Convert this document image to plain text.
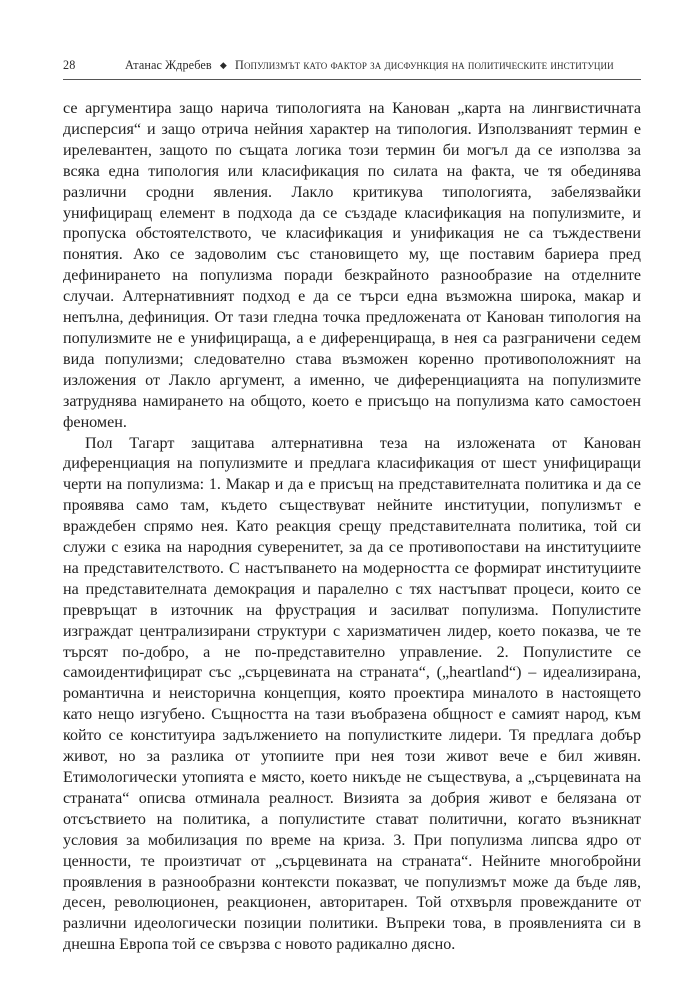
28	Атанас Ждребев ◆ Популизмът като фактор за дисфункция на политическите институции

се аргументира защо нарича типологията на Канован „карта на лингвистичната дисперсия“ и защо отрича нейния характер на типология. Използваният термин е ирелевантен, защото по същата логика този термин би могъл да се използва за всяка една типология или класификация по силата на факта, че тя обединява различни сродни явления. Лакло критикува типологията, забелязвайки унифициращ елемент в подхода да се създаде класификация на популизмите, и пропуска обстоятелството, че класификация и унификация не са тъждествени понятия. Ако се задоволим със становището му, ще поставим бариера пред дефинирането на популизма поради безкрайното разнообразие на отделните случаи. Алтернативният подход е да се търси една възможна широка, макар и непълна, дефиниция. От тази гледна точка предложената от Канован типология на популизмите не е унифицираща, а е диференцираща, в нея са разграничени седем вида популизми; следователно става възможен коренно противоположният на изложения от Лакло аргумент, а именно, че диференциацията на популизмите затруднява намирането на общото, което е присъщо на популизма като самостоен феномен.

Пол Тагарт защитава алтернативна теза на изложената от Канован диференциация на популизмите и предлага класификация от шест унифициращи черти на популизма: 1. Макар и да е присъщ на представителната политика и да се проявява само там, където съществуват нейните институции, популизмът е враждебен спрямо нея. Като реакция срещу представителната политика, той си служи с езика на народния суверенитет, за да се противопостави на институциите на представителството. С настъпването на модерността се формират институциите на представителната демокрация и паралелно с тях настъпват процеси, които се превръщат в източник на фрустрация и засилват популизма. Популистите изграждат централизирани структури с харизматичен лидер, което показва, че те търсят по-добро, а не по-представително управление. 2. Популистите се самоидентифицират със „сърцевината на страната“, („heartland“) – идеализирана, романтична и неисторична концепция, която проектира миналото в настоящето като нещо изгубено. Същността на тази въобразена общност е самият народ, към който се конституира задължението на популистките лидери. Тя предлага добър живот, но за разлика от утопиите при нея този живот вече е бил живян. Етимологически утопията е място, което никъде не съществува, а „сърцевината на страната“ описва отминала реалност. Визията за добрия живот е белязана от отсъствието на политика, а популистите стават политични, когато възникнат условия за мобилизация по време на криза. 3. При популизма липсва ядро от ценности, те произтичат от „сърцевината на страната“. Нейните многобройни проявления в разнообразни контексти показват, че популизмът може да бъде ляв, десен, революционен, реакционен, авторитарен. Той отхвърля провежданите от различни идеологически позиции политики. Въпреки това, в проявленията си в днешна Европа той се свързва с новото радикално дясно.
